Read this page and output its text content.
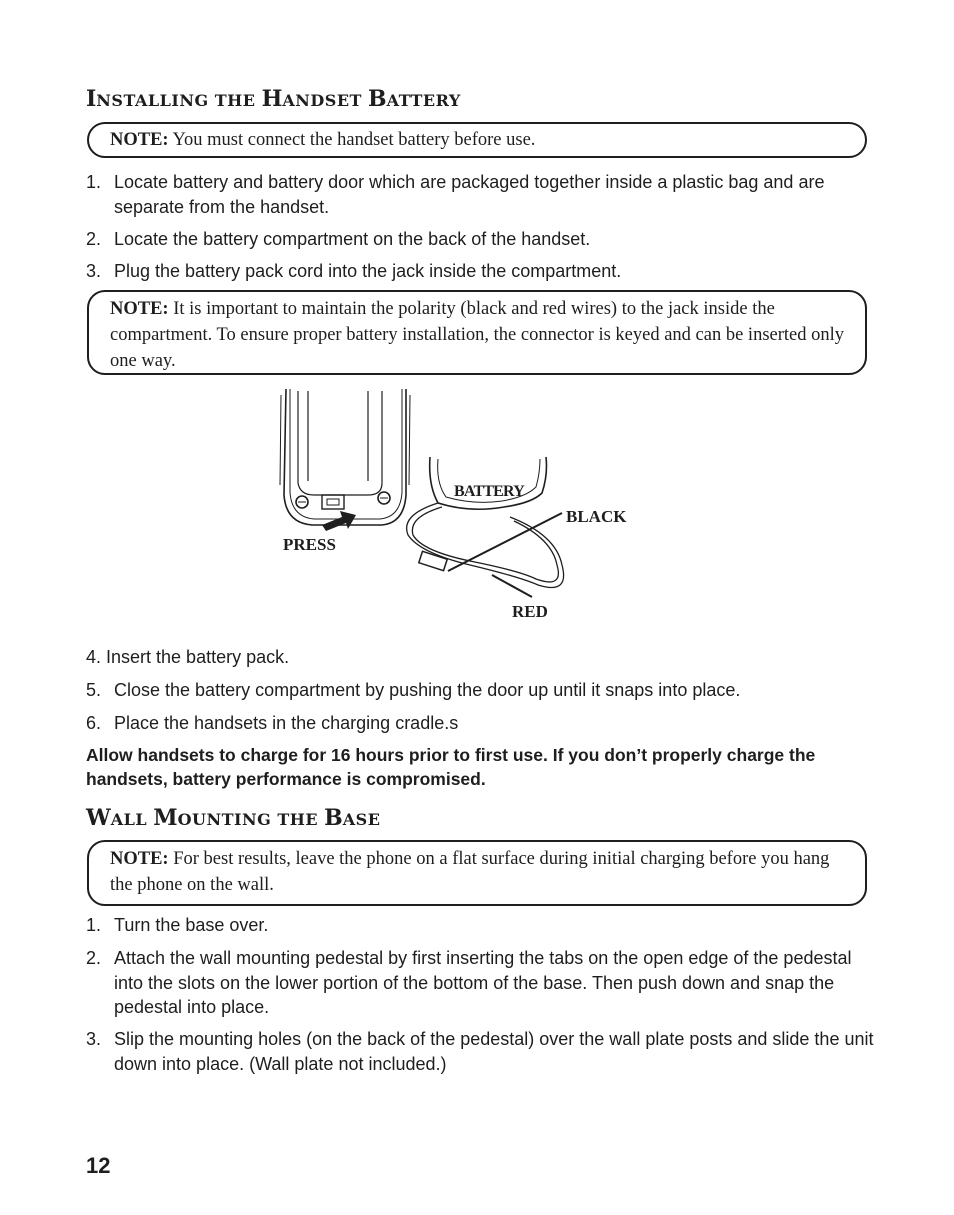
INSTALLING THE HANDSET BATTERY
NOTE: You must connect the handset battery before use.
1. Locate battery and battery door which are packaged together inside a plastic bag and are separate from the handset.
2. Locate the battery compartment on the back of the handset.
3. Plug the battery pack cord into the jack inside the compartment.
NOTE: It is important to maintain the polarity (black and red wires) to the jack inside the compartment. To ensure proper battery installation, the connector is keyed and can be inserted only one way.
BATTERY
BLACK
PRESS
RED
4. Insert the battery pack.
5. Close the battery compartment by pushing the door up until it snaps into place.
6. Place the handsets in the charging cradle.s
Allow handsets to charge for 16 hours prior to first use. If you don’t properly charge the handsets, battery performance is compromised.
WALL MOUNTING THE BASE
NOTE: For best results, leave the phone on a flat surface during initial charging before you hang the phone on the wall.
1. Turn the base over.
2. Attach the wall mounting pedestal by first inserting the tabs on the open edge of the pedestal into the slots on the lower portion of the bottom of the base. Then push down and snap the pedestal into place.
3. Slip the mounting holes (on the back of the pedestal) over the wall plate posts and slide the unit down into place. (Wall plate not included.)
12
